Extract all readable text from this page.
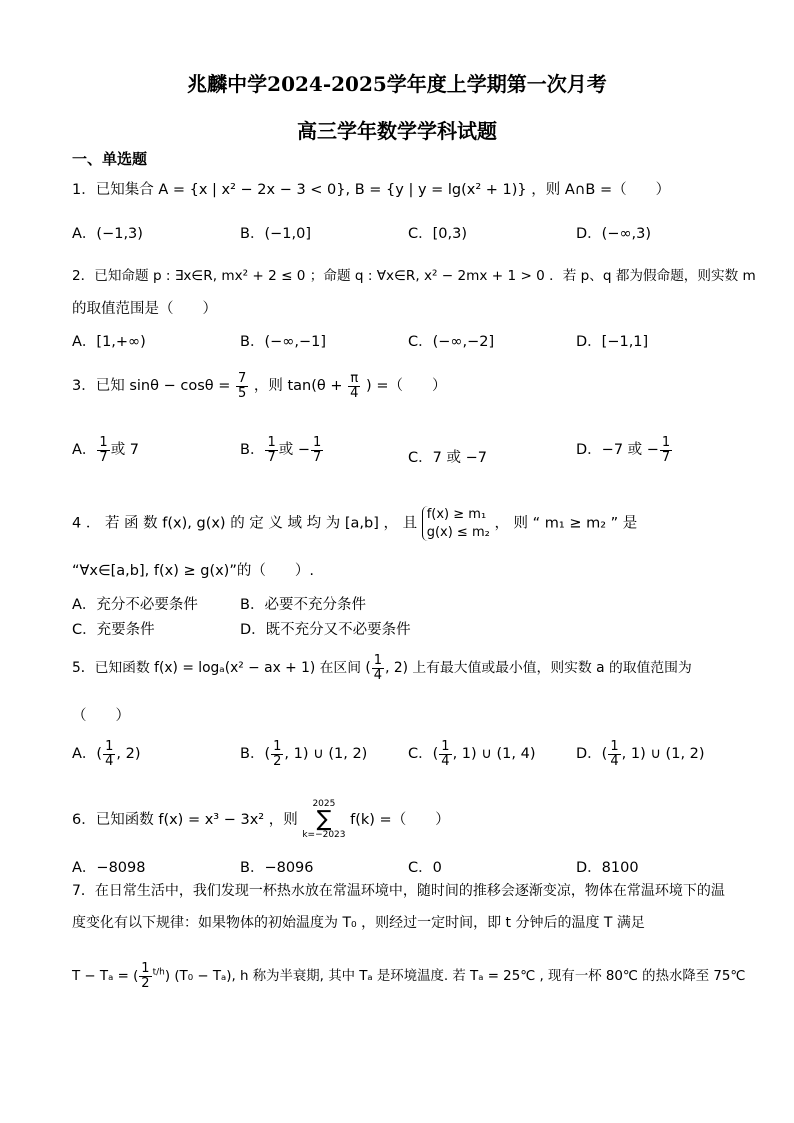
兆麟中学2024-2025学年度上学期第一次月考
高三学年数学学科试题
一、单选题
1．已知集合 A = {x | x² − 2x − 3 < 0}, B = {y | y = lg(x² + 1)} ，则 A∩B =（　　）
A．(−1,3)	B．(−1,0]	C．[0,3)	D．(−∞,3)
2．已知命题 p : ∃x∈R, mx² + 2 ≤ 0 ；命题 q : ∀x∈R, x² − 2mx + 1 > 0 ．若 p、q 都为假命题，则实数 m
的取值范围是（　　）
A．[1,+∞)	B．(−∞,−1]	C．(−∞,−2]	D．[−1,1]
3．已知 $\sin\theta - \cos\theta = \frac{7}{5}$ ，则 $\tan(\theta + \frac{\pi}{4}$ ) =（　　）
A． $\frac{1}{7}$ 或 7	B． $\frac{1}{7}$ 或 − $\frac{1}{7}$	C．7 或 −7	D．−7 或 − $\frac{1}{7}$
4 ． 若 函 数 f(x), g(x) 的 定 义 域 均 为 [a,b] ， 且
f(x) ≥ m₁
g(x) ≤ m₂
， 则 “ m₁ ≥ m₂ ” 是
“∀x∈[a,b], f(x) ≥ g(x)”的（　　）.
A．充分不必要条件	B．必要不充分条件
C．充要条件	D．既不充分又不必要条件
5．已知函数 f(x) = logₐ(x² − ax + 1) 在区间 ( $\frac{1}{4}$ , 2) 上有最大值或最小值，则实数 a 的取值范围为
（　　）
A．( $\frac{1}{4}$ , 2)	B．( $\frac{1}{2}$ , 1) ∪ (1, 2)	C．( $\frac{1}{4}$ , 1) ∪ (1, 4)	D．( $\frac{1}{4}$ , 1) ∪ (1, 2)
6．已知函数 f(x) = x³ − 3x² ，则
2025
∑
k=−2023
f(k) =（　　）
A．−8098	B．−8096	C．0	D．8100
7．在日常生活中，我们发现一杯热水放在常温环境中，随时间的推移会逐渐变凉，物体在常温环境下的温
度变化有以下规律：如果物体的初始温度为 T₀ ，则经过一定时间，即 t 分钟后的温度 T 满足
T − Tₐ = ( $\frac{1}{2} ^{t/h}$) (T₀ − Tₐ), h 称为半衰期, 其中 Tₐ 是环境温度. 若 Tₐ = 25℃ , 现有一杯 80℃ 的热水降至 75℃
